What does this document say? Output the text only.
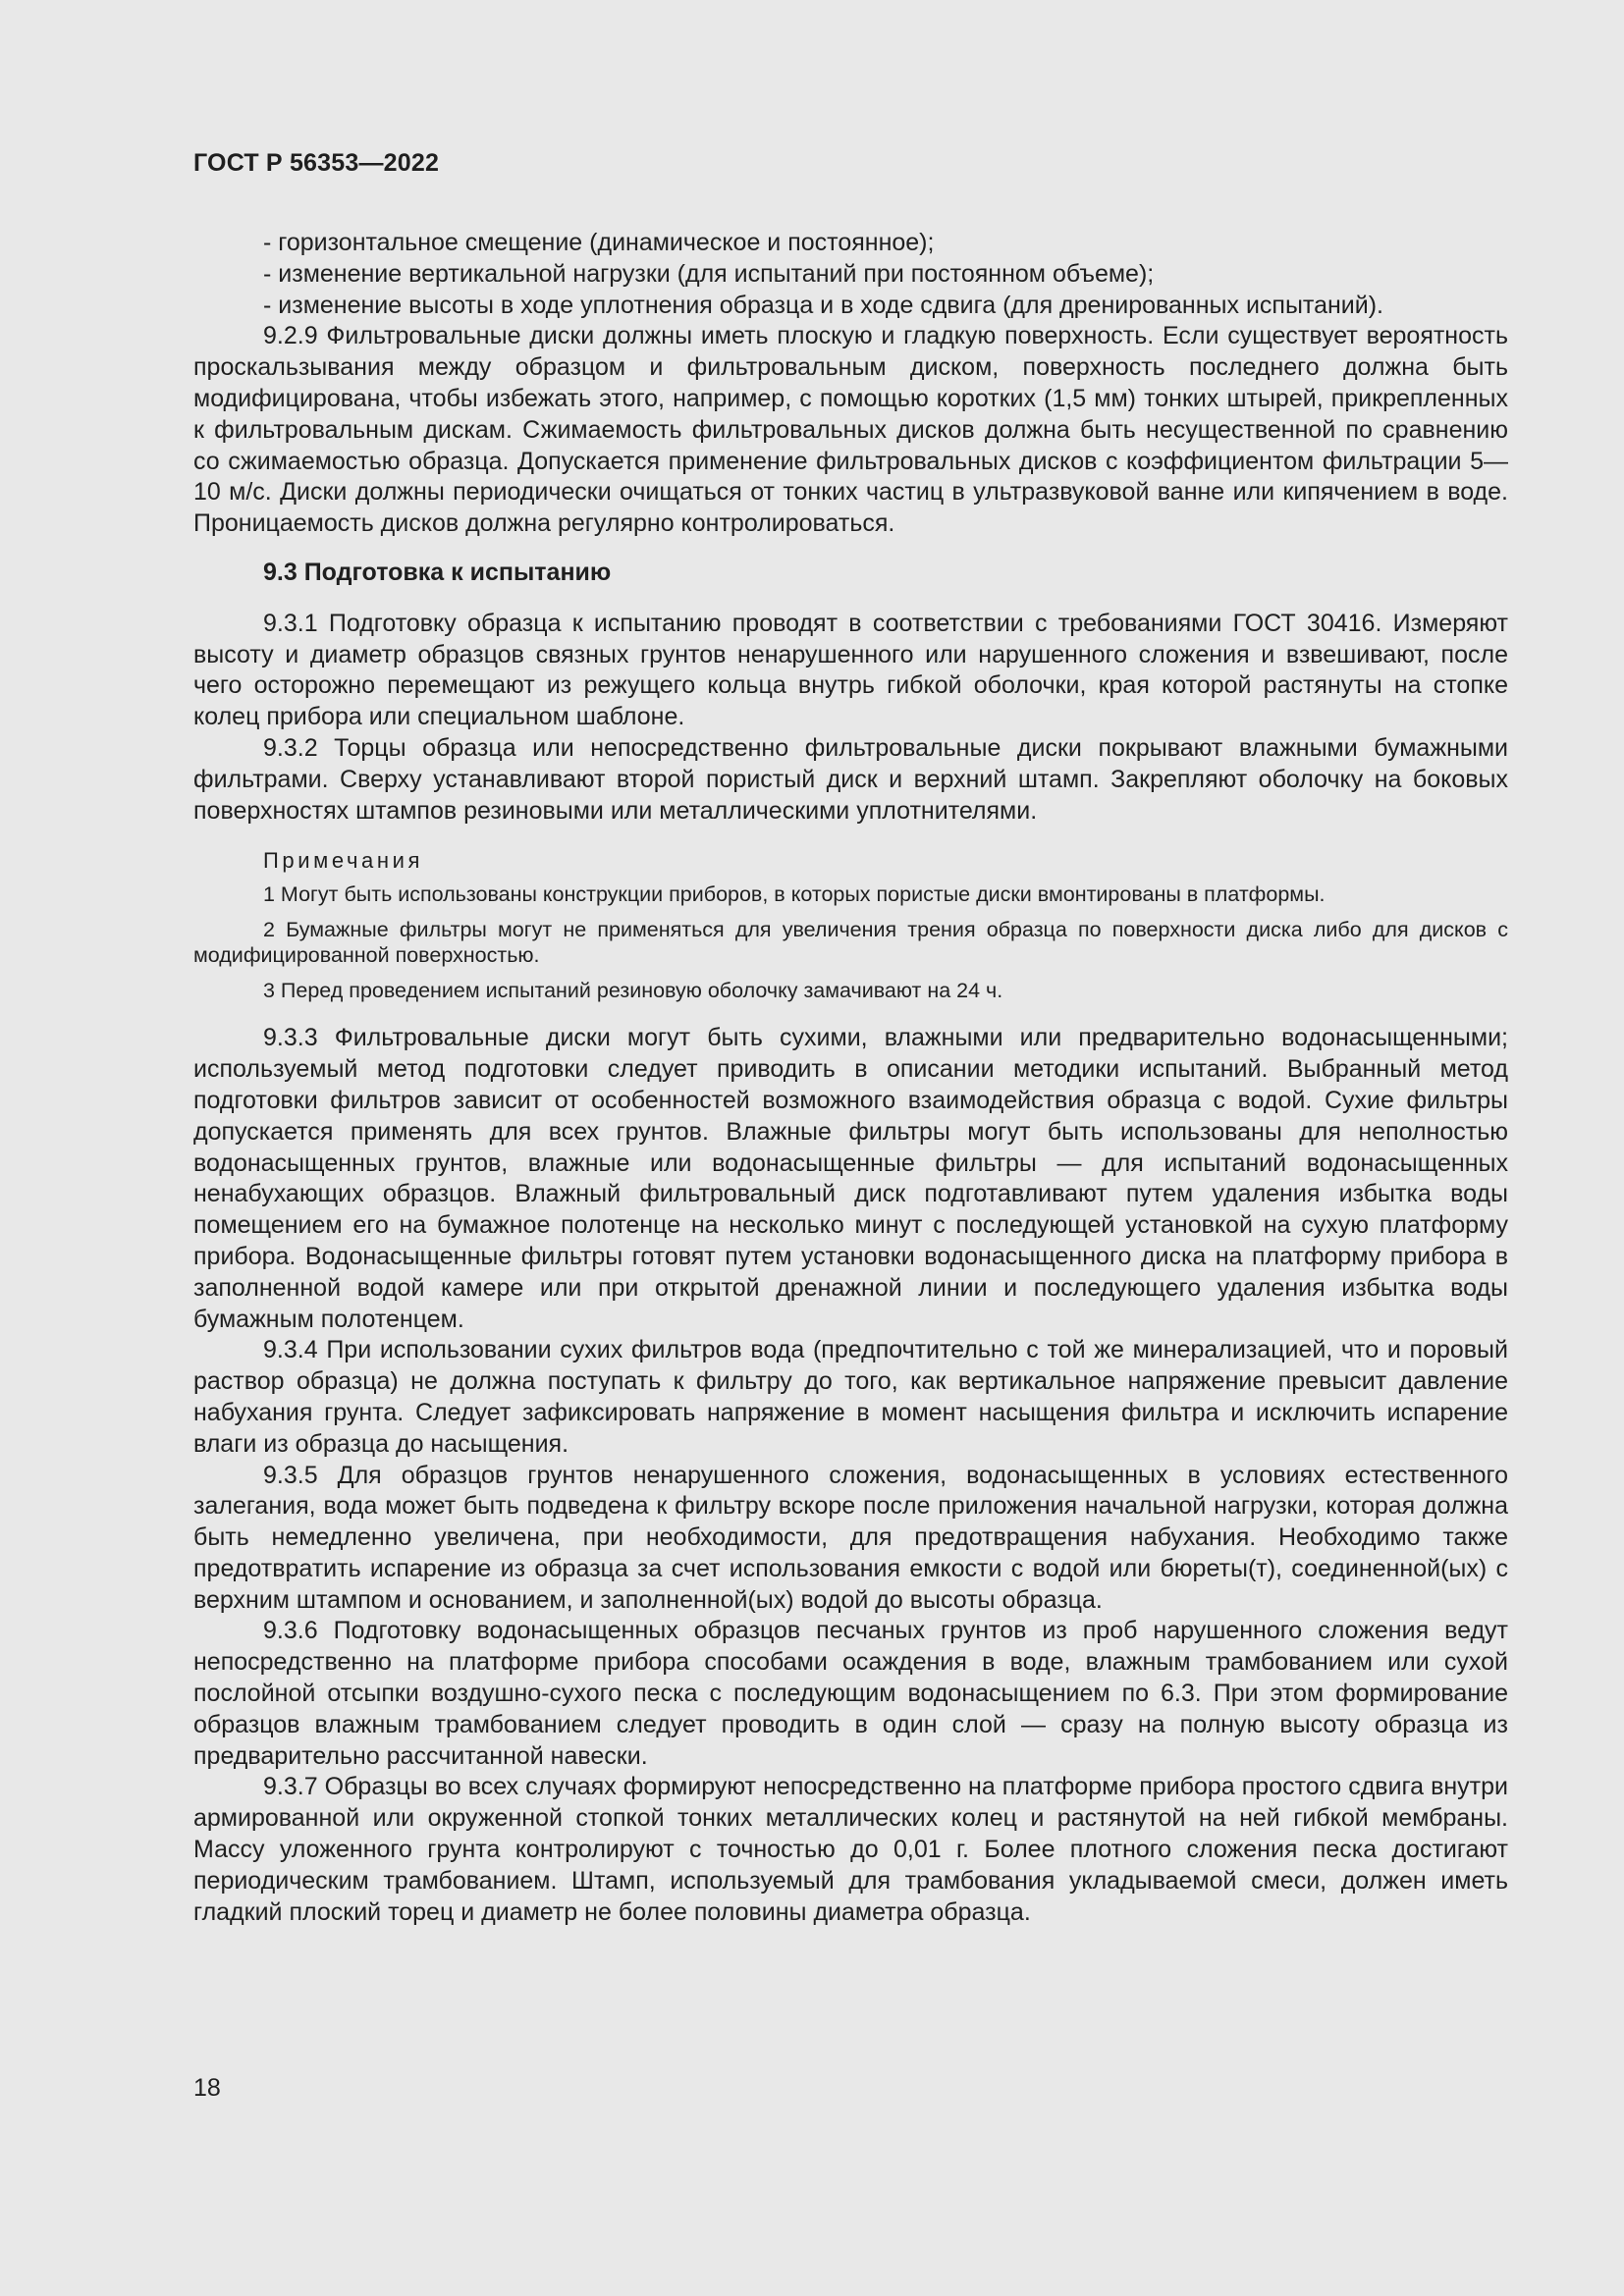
ГОСТ Р 56353—2022

- горизонтальное смещение (динамическое и постоянное);

- изменение вертикальной нагрузки (для испытаний при постоянном объеме);

- изменение высоты в ходе уплотнения образца и в ходе сдвига (для дренированных испытаний).

9.2.9 Фильтровальные диски должны иметь плоскую и гладкую поверхность. Если существует вероятность проскальзывания между образцом и фильтровальным диском, поверхность последнего должна быть модифицирована, чтобы избежать этого, например, с помощью коротких (1,5 мм) тонких штырей, прикрепленных к фильтровальным дискам. Сжимаемость фильтровальных дисков должна быть несущественной по сравнению со сжимаемостью образца. Допускается применение фильтровальных дисков с коэффициентом фильтрации 5—10 м/с. Диски должны периодически очищаться от тонких частиц в ультразвуковой ванне или кипячением в воде. Проницаемость дисков должна регулярно контролироваться.

9.3 Подготовка к испытанию

9.3.1 Подготовку образца к испытанию проводят в соответствии с требованиями ГОСТ 30416. Измеряют высоту и диаметр образцов связных грунтов ненарушенного или нарушенного сложения и взвешивают, после чего осторожно перемещают из режущего кольца внутрь гибкой оболочки, края которой растянуты на стопке колец прибора или специальном шаблоне.

9.3.2 Торцы образца или непосредственно фильтровальные диски покрывают влажными бумажными фильтрами. Сверху устанавливают второй пористый диск и верхний штамп. Закрепляют оболочку на боковых поверхностях штампов резиновыми или металлическими уплотнителями.

Примечания

1 Могут быть использованы конструкции приборов, в которых пористые диски вмонтированы в платформы.

2 Бумажные фильтры могут не применяться для увеличения трения образца по поверхности диска либо для дисков с модифицированной поверхностью.

3 Перед проведением испытаний резиновую оболочку замачивают на 24 ч.

9.3.3 Фильтровальные диски могут быть сухими, влажными или предварительно водонасыщенными; используемый метод подготовки следует приводить в описании методики испытаний. Выбранный метод подготовки фильтров зависит от особенностей возможного взаимодействия образца с водой. Сухие фильтры допускается применять для всех грунтов. Влажные фильтры могут быть использованы для неполностью водонасыщенных грунтов, влажные или водонасыщенные фильтры — для испытаний водонасыщенных ненабухающих образцов. Влажный фильтровальный диск подготавливают путем удаления избытка воды помещением его на бумажное полотенце на несколько минут с последующей установкой на сухую платформу прибора. Водонасыщенные фильтры готовят путем установки водонасыщенного диска на платформу прибора в заполненной водой камере или при открытой дренажной линии и последующего удаления избытка воды бумажным полотенцем.

9.3.4 При использовании сухих фильтров вода (предпочтительно с той же минерализацией, что и поровый раствор образца) не должна поступать к фильтру до того, как вертикальное напряжение превысит давление набухания грунта. Следует зафиксировать напряжение в момент насыщения фильтра и исключить испарение влаги из образца до насыщения.

9.3.5 Для образцов грунтов ненарушенного сложения, водонасыщенных в условиях естественного залегания, вода может быть подведена к фильтру вскоре после приложения начальной нагрузки, которая должна быть немедленно увеличена, при необходимости, для предотвращения набухания. Необходимо также предотвратить испарение из образца за счет использования емкости с водой или бюреты(т), соединенной(ых) с верхним штампом и основанием, и заполненной(ых) водой до высоты образца.

9.3.6 Подготовку водонасыщенных образцов песчаных грунтов из проб нарушенного сложения ведут непосредственно на платформе прибора способами осаждения в воде, влажным трамбованием или сухой послойной отсыпки воздушно-сухого песка с последующим водонасыщением по 6.3. При этом формирование образцов влажным трамбованием следует проводить в один слой — сразу на полную высоту образца из предварительно рассчитанной навески.

9.3.7 Образцы во всех случаях формируют непосредственно на платформе прибора простого сдвига внутри армированной или окруженной стопкой тонких металлических колец и растянутой на ней гибкой мембраны. Массу уложенного грунта контролируют с точностью до 0,01 г. Более плотного сложения песка достигают периодическим трамбованием. Штамп, используемый для трамбования укладываемой смеси, должен иметь гладкий плоский торец и диаметр не более половины диаметра образца.

18
